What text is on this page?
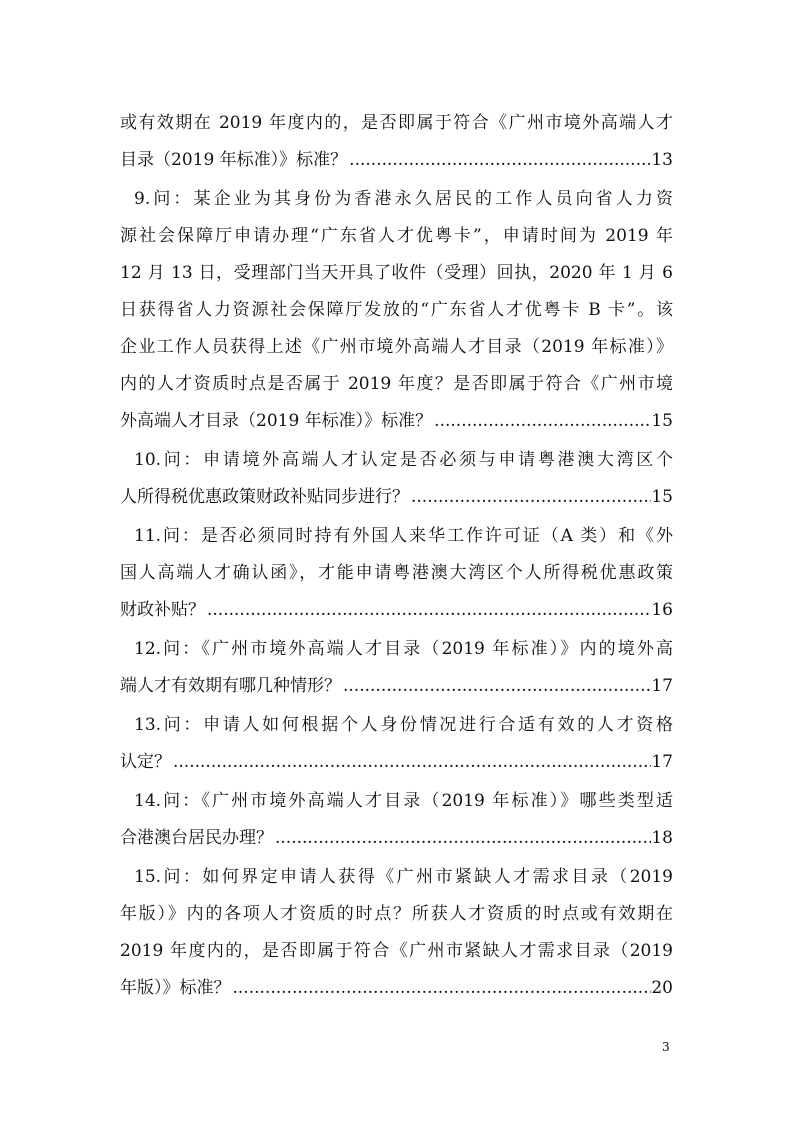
或有效期在 2019 年度内的，是否即属于符合《广州市境外高端人才
目录（2019 年标准）》标准？ .....	13
9.问：某企业为其身份为香港永久居民的工作人员向省人力资
源社会保障厅申请办理“广东省人才优粤卡”，申请时间为 2019 年
12 月 13 日，受理部门当天开具了收件（受理）回执，2020 年 1 月 6
日获得省人力资源社会保障厅发放的“广东省人才优粤卡 B 卡”。该
企业工作人员获得上述《广州市境外高端人才目录（2019 年标准）》
内的人才资质时点是否属于 2019 年度？是否即属于符合《广州市境
外高端人才目录（2019 年标准）》标准？ .....	15
10.问：申请境外高端人才认定是否必须与申请粤港澳大湾区个
人所得税优惠政策财政补贴同步进行？ .....	15
11.问：是否必须同时持有外国人来华工作许可证（A 类）和《外
国人高端人才确认函》，才能申请粤港澳大湾区个人所得税优惠政策
财政补贴？ .....	16
12.问：《广州市境外高端人才目录（2019 年标准）》内的境外高
端人才有效期有哪几种情形？ .....	17
13.问：申请人如何根据个人身份情况进行合适有效的人才资格
认定？ .....	17
14.问：《广州市境外高端人才目录（2019 年标准）》哪些类型适
合港澳台居民办理？ .....	18
15.问：如何界定申请人获得《广州市紧缺人才需求目录（2019
年版）》内的各项人才资质的时点？所获人才资质的时点或有效期在
2019 年度内的，是否即属于符合《广州市紧缺人才需求目录（2019
年版）》标准？ .....	20
3
